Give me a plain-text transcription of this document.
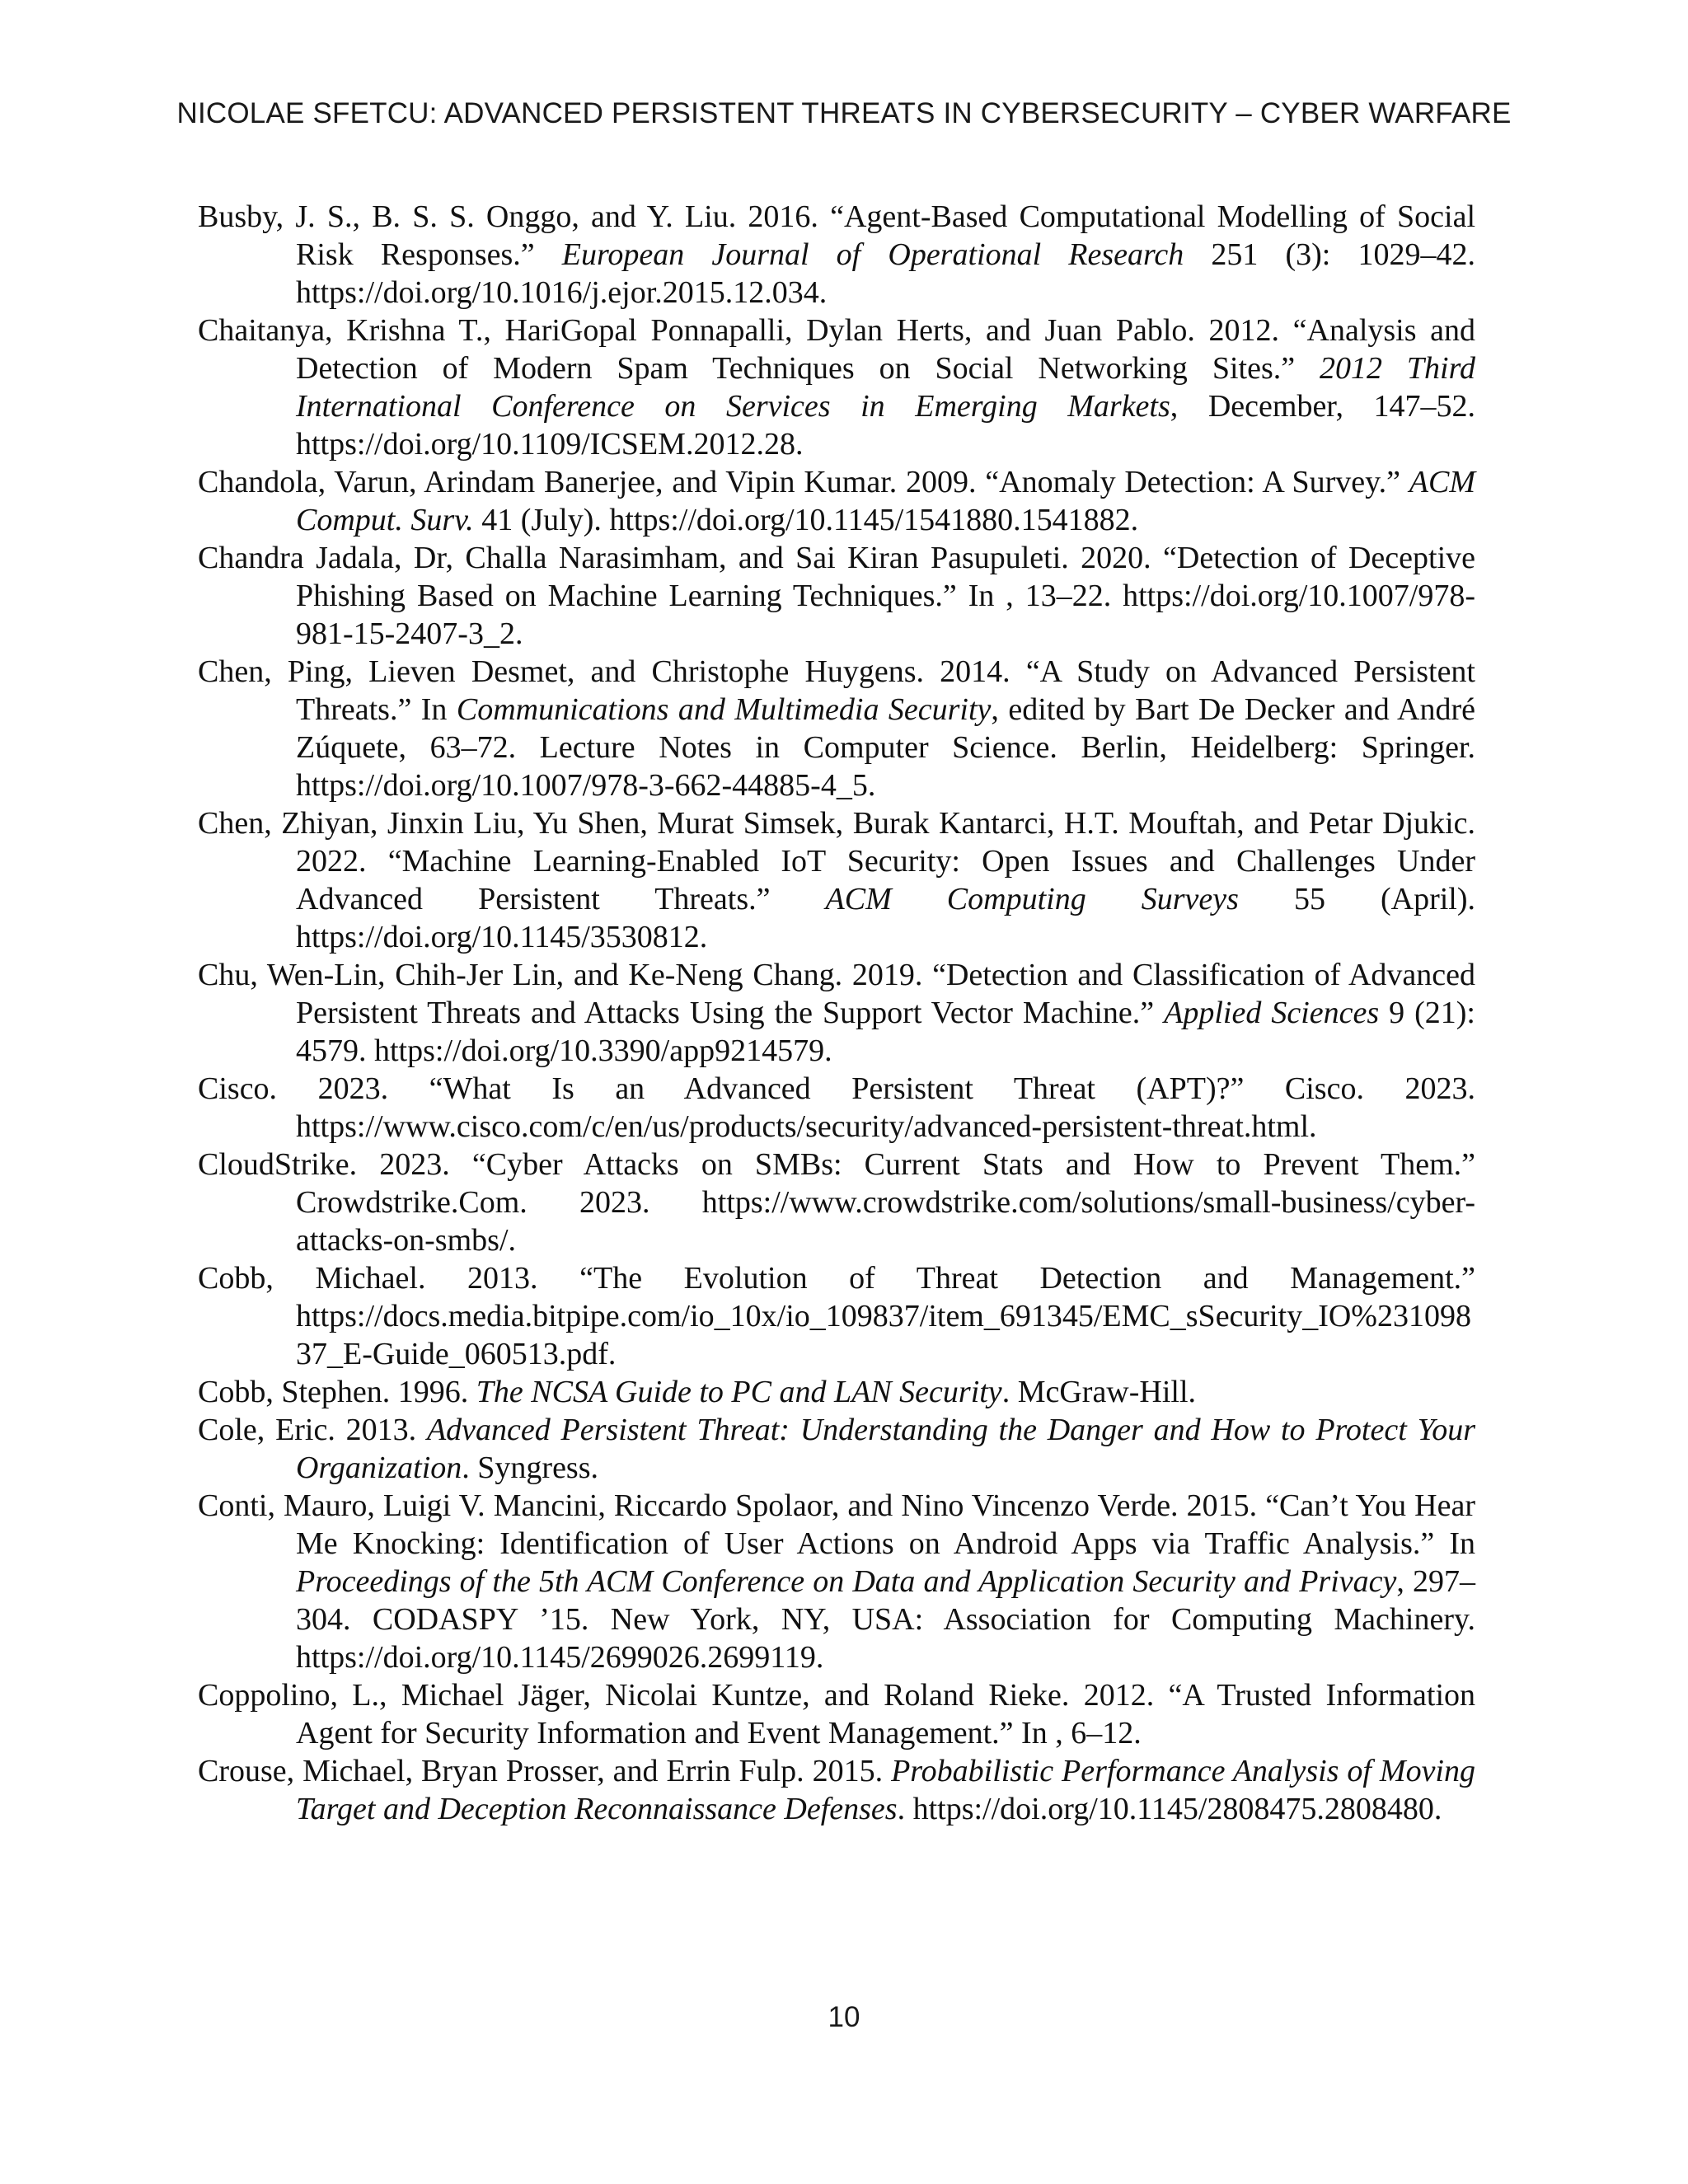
NICOLAE SFETCU: ADVANCED PERSISTENT THREATS IN CYBERSECURITY – CYBER WARFARE
Busby, J. S., B. S. S. Onggo, and Y. Liu. 2016. “Agent-Based Computational Modelling of Social Risk Responses.” European Journal of Operational Research 251 (3): 1029–42. https://doi.org/10.1016/j.ejor.2015.12.034.
Chaitanya, Krishna T., HariGopal Ponnapalli, Dylan Herts, and Juan Pablo. 2012. “Analysis and Detection of Modern Spam Techniques on Social Networking Sites.” 2012 Third International Conference on Services in Emerging Markets, December, 147–52. https://doi.org/10.1109/ICSEM.2012.28.
Chandola, Varun, Arindam Banerjee, and Vipin Kumar. 2009. “Anomaly Detection: A Survey.” ACM Comput. Surv. 41 (July). https://doi.org/10.1145/1541880.1541882.
Chandra Jadala, Dr, Challa Narasimham, and Sai Kiran Pasupuleti. 2020. “Detection of Deceptive Phishing Based on Machine Learning Techniques.” In , 13–22. https://doi.org/10.1007/978-981-15-2407-3_2.
Chen, Ping, Lieven Desmet, and Christophe Huygens. 2014. “A Study on Advanced Persistent Threats.” In Communications and Multimedia Security, edited by Bart De Decker and André Zúquete, 63–72. Lecture Notes in Computer Science. Berlin, Heidelberg: Springer. https://doi.org/10.1007/978-3-662-44885-4_5.
Chen, Zhiyan, Jinxin Liu, Yu Shen, Murat Simsek, Burak Kantarci, H.T. Mouftah, and Petar Djukic. 2022. “Machine Learning-Enabled IoT Security: Open Issues and Challenges Under Advanced Persistent Threats.” ACM Computing Surveys 55 (April). https://doi.org/10.1145/3530812.
Chu, Wen-Lin, Chih-Jer Lin, and Ke-Neng Chang. 2019. “Detection and Classification of Advanced Persistent Threats and Attacks Using the Support Vector Machine.” Applied Sciences 9 (21): 4579. https://doi.org/10.3390/app9214579.
Cisco. 2023. “What Is an Advanced Persistent Threat (APT)?” Cisco. 2023. https://www.cisco.com/c/en/us/products/security/advanced-persistent-threat.html.
CloudStrike. 2023. “Cyber Attacks on SMBs: Current Stats and How to Prevent Them.” Crowdstrike.Com. 2023. https://www.crowdstrike.com/solutions/small-business/cyber-attacks-on-smbs/.
Cobb, Michael. 2013. “The Evolution of Threat Detection and Management.” https://docs.media.bitpipe.com/io_10x/io_109837/item_691345/EMC_sSecurity_IO%23109837_E-Guide_060513.pdf.
Cobb, Stephen. 1996. The NCSA Guide to PC and LAN Security. McGraw-Hill.
Cole, Eric. 2013. Advanced Persistent Threat: Understanding the Danger and How to Protect Your Organization. Syngress.
Conti, Mauro, Luigi V. Mancini, Riccardo Spolaor, and Nino Vincenzo Verde. 2015. “Can’t You Hear Me Knocking: Identification of User Actions on Android Apps via Traffic Analysis.” In Proceedings of the 5th ACM Conference on Data and Application Security and Privacy, 297–304. CODASPY ’15. New York, NY, USA: Association for Computing Machinery. https://doi.org/10.1145/2699026.2699119.
Coppolino, L., Michael Jäger, Nicolai Kuntze, and Roland Rieke. 2012. “A Trusted Information Agent for Security Information and Event Management.” In , 6–12.
Crouse, Michael, Bryan Prosser, and Errin Fulp. 2015. Probabilistic Performance Analysis of Moving Target and Deception Reconnaissance Defenses. https://doi.org/10.1145/2808475.2808480.
10
